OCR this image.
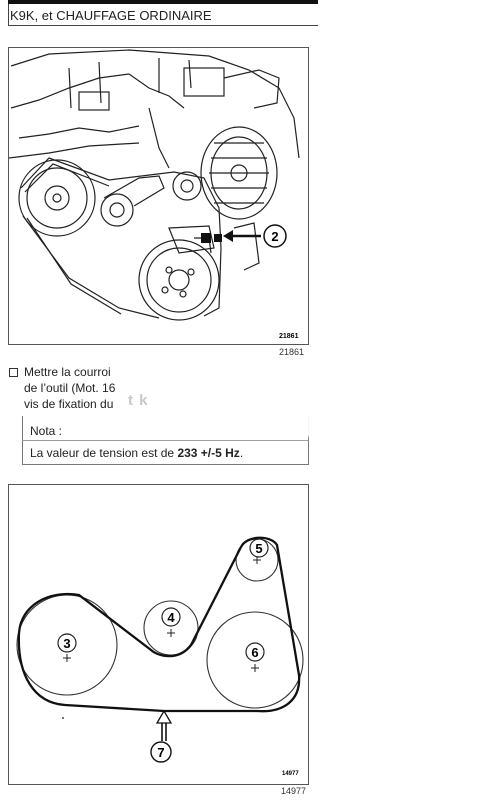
K9K, et CHAUFFAGE ORDINAIRE
2
21861
21861
Mettre la courroi
de l’outil (Mot. 16
vis de fixation du
Nota :
La valeur de tension est de 233 +/-5 Hz.
t k
3
4
5
6
7
14977
14977
